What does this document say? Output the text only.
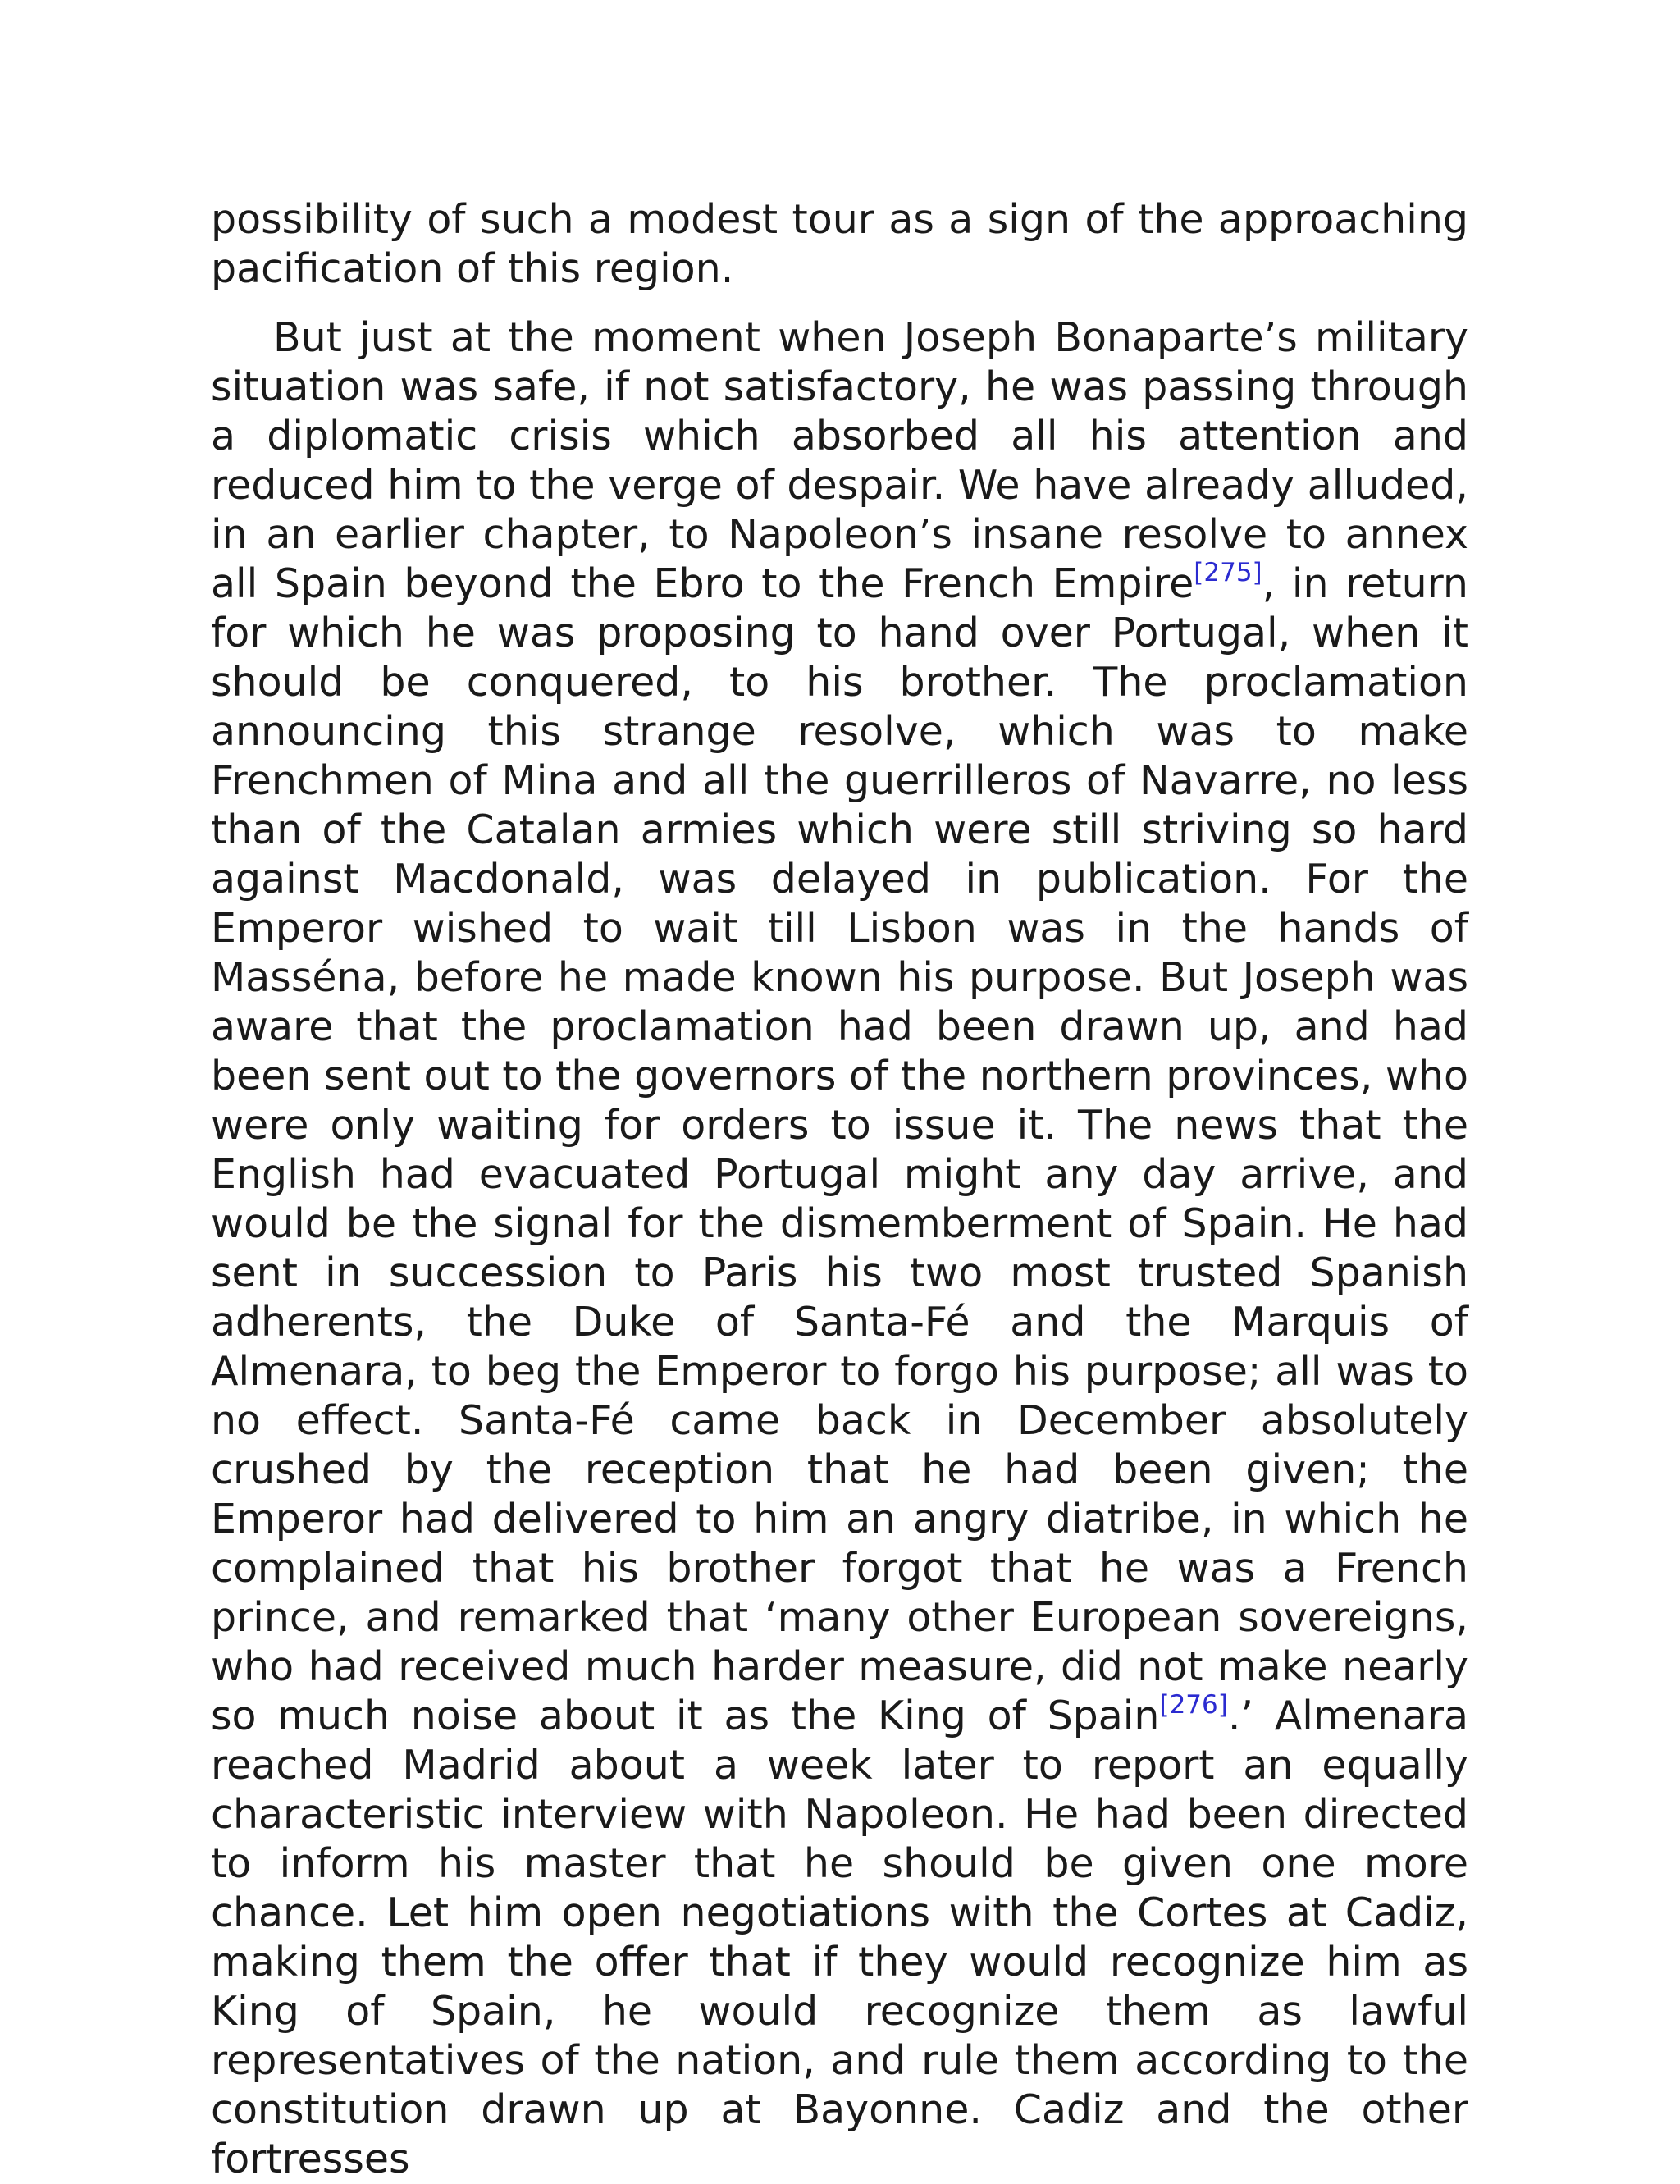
possibility of such a modest tour as a sign of the approaching pacification of this region.

But just at the moment when Joseph Bonaparte’s military situation was safe, if not satisfactory, he was passing through a diplomatic crisis which absorbed all his attention and reduced him to the verge of despair. We have already alluded, in an earlier chapter, to Napoleon’s insane resolve to annex all Spain beyond the Ebro to the French Empire[275], in return for which he was proposing to hand over Portugal, when it should be conquered, to his brother. The proclamation announcing this strange resolve, which was to make Frenchmen of Mina and all the guerrilleros of Navarre, no less than of the Catalan armies which were still striving so hard against Macdonald, was delayed in publication. For the Emperor wished to wait till Lisbon was in the hands of Masséna, before he made known his purpose. But Joseph was aware that the proclamation had been drawn up, and had been sent out to the governors of the northern provinces, who were only waiting for orders to issue it. The news that the English had evacuated Portugal might any day arrive, and would be the signal for the dismemberment of Spain. He had sent in succession to Paris his two most trusted Spanish adherents, the Duke of Santa-Fé and the Marquis of Almenara, to beg the Emperor to forgo his purpose; all was to no effect. Santa-Fé came back in December absolutely crushed by the reception that he had been given; the Emperor had delivered to him an angry diatribe, in which he complained that his brother forgot that he was a French prince, and remarked that ‘many other European sovereigns, who had received much harder measure, did not make nearly so much noise about it as the King of Spain[276].’ Almenara reached Madrid about a week later to report an equally characteristic interview with Napoleon. He had been directed to inform his master that he should be given one more chance. Let him open negotiations with the Cortes at Cadiz, making them the offer that if they would recognize him as King of Spain, he would recognize them as lawful representatives of the nation, and rule them according to the constitution drawn up at Bayonne. Cadiz and the other fortresses
